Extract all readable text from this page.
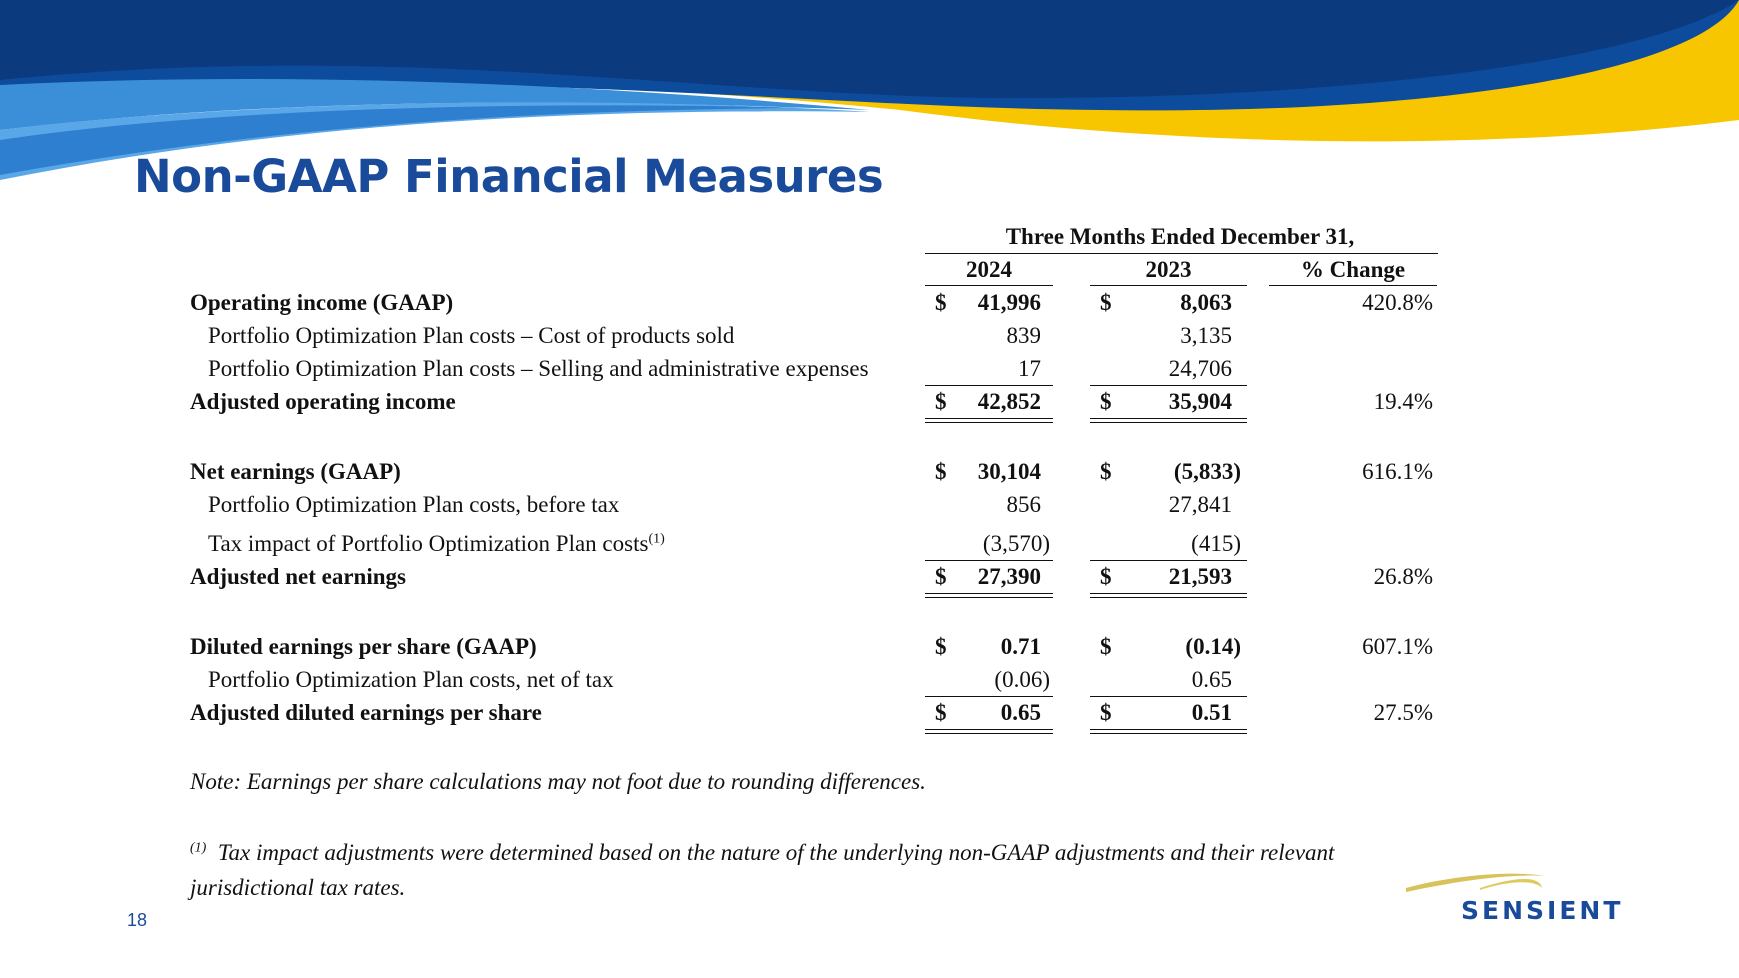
Non-GAAP Financial Measures
Three Months Ended December 31,
2024	2023	% Change
Operating income (GAAP)	$	41,996	$	8,063	420.8%
Portfolio Optimization Plan costs – Cost of products sold	839	3,135
Portfolio Optimization Plan costs – Selling and administrative expenses	17	24,706
Adjusted operating income	$	42,852	$	35,904	19.4%
Net earnings (GAAP)	$	30,104	$	(5,833)	616.1%
Portfolio Optimization Plan costs, before tax	856	27,841
Tax impact of Portfolio Optimization Plan costs$^{(1)}$	(3,570)	(415)
Adjusted net earnings	$	27,390	$	21,593	26.8%
Diluted earnings per share (GAAP)	$	0.71	$	(0.14)	607.1%
Portfolio Optimization Plan costs, net of tax	(0.06)	0.65
Adjusted diluted earnings per share	$	0.65	$	0.51	27.5%
Note: Earnings per share calculations may not foot due to rounding differences.
$^{(1)}$ Tax impact adjustments were determined based on the nature of the underlying non-GAAP adjustments and their relevant
jurisdictional tax rates.
18	SENSIENT
